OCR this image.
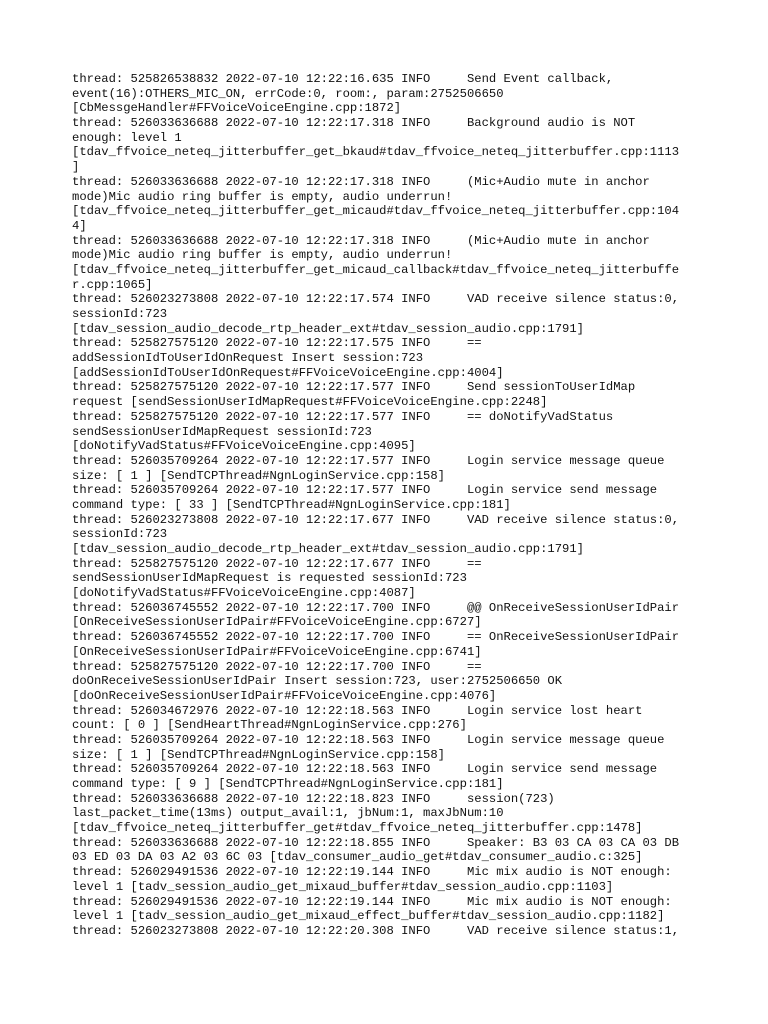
thread: 525826538832 2022-07-10 12:22:16.635 INFO     Send Event callback,
event(16):OTHERS_MIC_ON, errCode:0, room:, param:2752506650
[CbMessgeHandler#FFVoiceVoiceEngine.cpp:1872]
thread: 526033636688 2022-07-10 12:22:17.318 INFO     Background audio is NOT
enough: level 1
[tdav_ffvoice_neteq_jitterbuffer_get_bkaud#tdav_ffvoice_neteq_jitterbuffer.cpp:1113
]
thread: 526033636688 2022-07-10 12:22:17.318 INFO     (Mic+Audio mute in anchor
mode)Mic audio ring buffer is empty, audio underrun!
[tdav_ffvoice_neteq_jitterbuffer_get_micaud#tdav_ffvoice_neteq_jitterbuffer.cpp:104
4]
thread: 526033636688 2022-07-10 12:22:17.318 INFO     (Mic+Audio mute in anchor
mode)Mic audio ring buffer is empty, audio underrun!
[tdav_ffvoice_neteq_jitterbuffer_get_micaud_callback#tdav_ffvoice_neteq_jitterbuffe
r.cpp:1065]
thread: 526023273808 2022-07-10 12:22:17.574 INFO     VAD receive silence status:0,
sessionId:723
[tdav_session_audio_decode_rtp_header_ext#tdav_session_audio.cpp:1791]
thread: 525827575120 2022-07-10 12:22:17.575 INFO     ==
addSessionIdToUserIdOnRequest Insert session:723
[addSessionIdToUserIdOnRequest#FFVoiceVoiceEngine.cpp:4004]
thread: 525827575120 2022-07-10 12:22:17.577 INFO     Send sessionToUserIdMap
request [sendSessionUserIdMapRequest#FFVoiceVoiceEngine.cpp:2248]
thread: 525827575120 2022-07-10 12:22:17.577 INFO     == doNotifyVadStatus
sendSessionUserIdMapRequest sessionId:723
[doNotifyVadStatus#FFVoiceVoiceEngine.cpp:4095]
thread: 526035709264 2022-07-10 12:22:17.577 INFO     Login service message queue
size: [ 1 ] [SendTCPThread#NgnLoginService.cpp:158]
thread: 526035709264 2022-07-10 12:22:17.577 INFO     Login service send message
command type: [ 33 ] [SendTCPThread#NgnLoginService.cpp:181]
thread: 526023273808 2022-07-10 12:22:17.677 INFO     VAD receive silence status:0,
sessionId:723
[tdav_session_audio_decode_rtp_header_ext#tdav_session_audio.cpp:1791]
thread: 525827575120 2022-07-10 12:22:17.677 INFO     ==
sendSessionUserIdMapRequest is requested sessionId:723
[doNotifyVadStatus#FFVoiceVoiceEngine.cpp:4087]
thread: 526036745552 2022-07-10 12:22:17.700 INFO     @@ OnReceiveSessionUserIdPair
[OnReceiveSessionUserIdPair#FFVoiceVoiceEngine.cpp:6727]
thread: 526036745552 2022-07-10 12:22:17.700 INFO     == OnReceiveSessionUserIdPair
[OnReceiveSessionUserIdPair#FFVoiceVoiceEngine.cpp:6741]
thread: 525827575120 2022-07-10 12:22:17.700 INFO     ==
doOnReceiveSessionUserIdPair Insert session:723, user:2752506650 OK
[doOnReceiveSessionUserIdPair#FFVoiceVoiceEngine.cpp:4076]
thread: 526034672976 2022-07-10 12:22:18.563 INFO     Login service lost heart
count: [ 0 ] [SendHeartThread#NgnLoginService.cpp:276]
thread: 526035709264 2022-07-10 12:22:18.563 INFO     Login service message queue
size: [ 1 ] [SendTCPThread#NgnLoginService.cpp:158]
thread: 526035709264 2022-07-10 12:22:18.563 INFO     Login service send message
command type: [ 9 ] [SendTCPThread#NgnLoginService.cpp:181]
thread: 526033636688 2022-07-10 12:22:18.823 INFO     session(723)
last_packet_time(13ms) output_avail:1, jbNum:1, maxJbNum:10
[tdav_ffvoice_neteq_jitterbuffer_get#tdav_ffvoice_neteq_jitterbuffer.cpp:1478]
thread: 526033636688 2022-07-10 12:22:18.855 INFO     Speaker: B3 03 CA 03 CA 03 DB
03 ED 03 DA 03 A2 03 6C 03 [tdav_consumer_audio_get#tdav_consumer_audio.c:325]
thread: 526029491536 2022-07-10 12:22:19.144 INFO     Mic mix audio is NOT enough:
level 1 [tadv_session_audio_get_mixaud_buffer#tdav_session_audio.cpp:1103]
thread: 526029491536 2022-07-10 12:22:19.144 INFO     Mic mix audio is NOT enough:
level 1 [tadv_session_audio_get_mixaud_effect_buffer#tdav_session_audio.cpp:1182]
thread: 526023273808 2022-07-10 12:22:20.308 INFO     VAD receive silence status:1,
